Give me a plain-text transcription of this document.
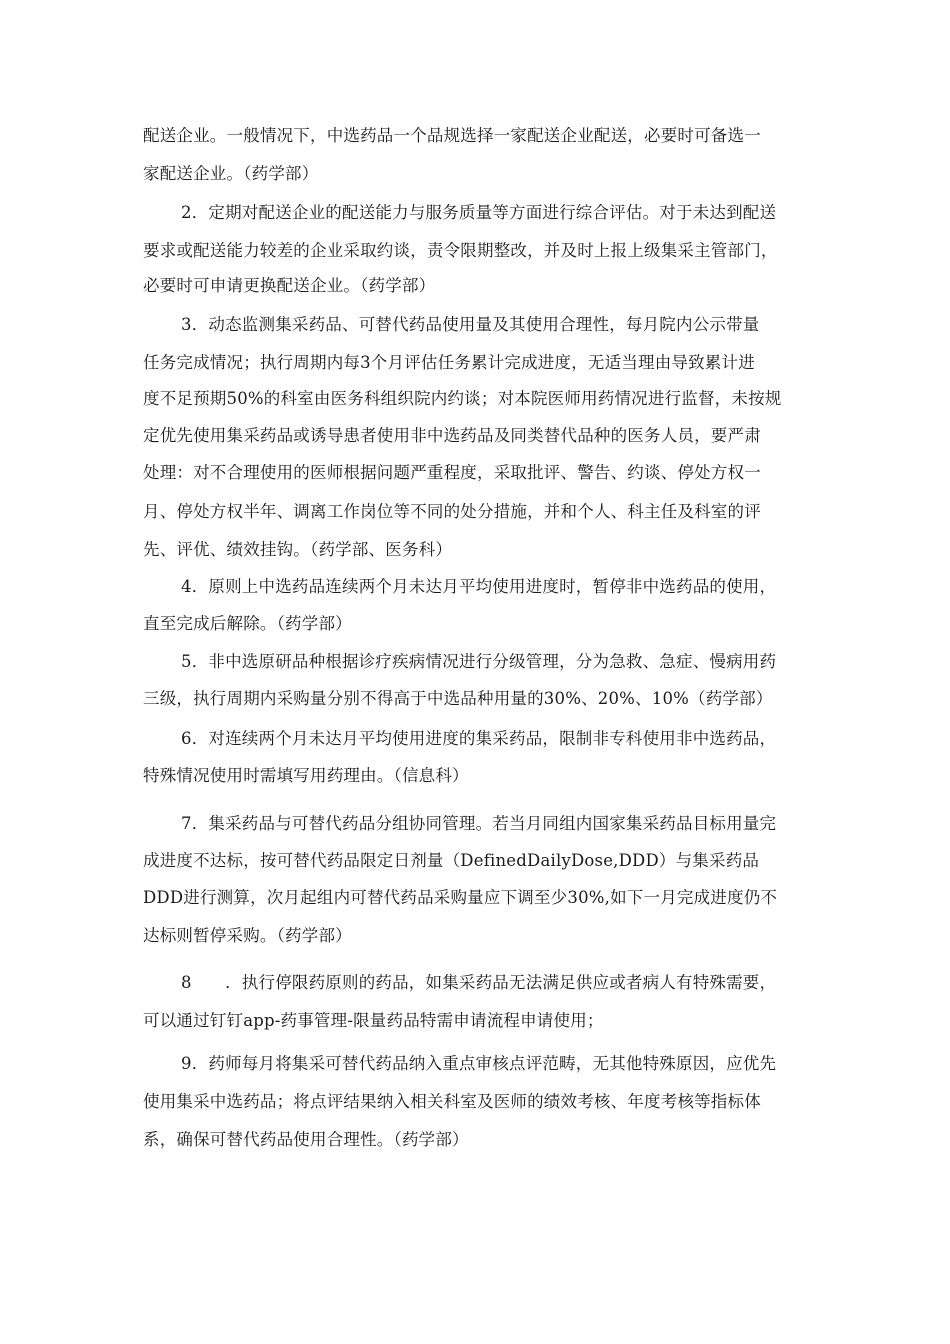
配送企业。一般情况下，中选药品一个品规选择一家配送企业配送，必要时可备选一
家配送企业。（药学部）
2．定期对配送企业的配送能力与服务质量等方面进行综合评估。对于未达到配送
要求或配送能力较差的企业采取约谈，责令限期整改，并及时上报上级集采主管部门，
必要时可申请更换配送企业。（药学部）
3．动态监测集采药品、可替代药品使用量及其使用合理性，每月院内公示带量
任务完成情况；执行周期内每3个月评估任务累计完成进度，无适当理由导致累计进
度不足预期50%的科室由医务科组织院内约谈；对本院医师用药情况进行监督，未按规
定优先使用集采药品或诱导患者使用非中选药品及同类替代品种的医务人员，要严肃
处理：对不合理使用的医师根据问题严重程度，采取批评、警告、约谈、停处方权一
月、停处方权半年、调离工作岗位等不同的处分措施，并和个人、科主任及科室的评
先、评优、绩效挂钩。（药学部、医务科）
4．原则上中选药品连续两个月未达月平均使用进度时，暂停非中选药品的使用，
直至完成后解除。（药学部）
5．非中选原研品种根据诊疗疾病情况进行分级管理，分为急救、急症、慢病用药
三级，执行周期内采购量分别不得高于中选品种用量的30%、20%、10%（药学部）
6．对连续两个月未达月平均使用进度的集采药品，限制非专科使用非中选药品，
特殊情况使用时需填写用药理由。（信息科）
7．集采药品与可替代药品分组协同管理。若当月同组内国家集采药品目标用量完
成进度不达标，按可替代药品限定日剂量（DefinedDailyDose,DDD）与集采药品
DDD进行测算，次月起组内可替代药品采购量应下调至少30%,如下一月完成进度仍不
达标则暂停采购。（药学部）
8　　．执行停限药原则的药品，如集采药品无法满足供应或者病人有特殊需要，
可以通过钉钉app-药事管理-限量药品特需申请流程申请使用；
9．药师每月将集采可替代药品纳入重点审核点评范畴，无其他特殊原因，应优先
使用集采中选药品；将点评结果纳入相关科室及医师的绩效考核、年度考核等指标体
系，确保可替代药品使用合理性。（药学部）
